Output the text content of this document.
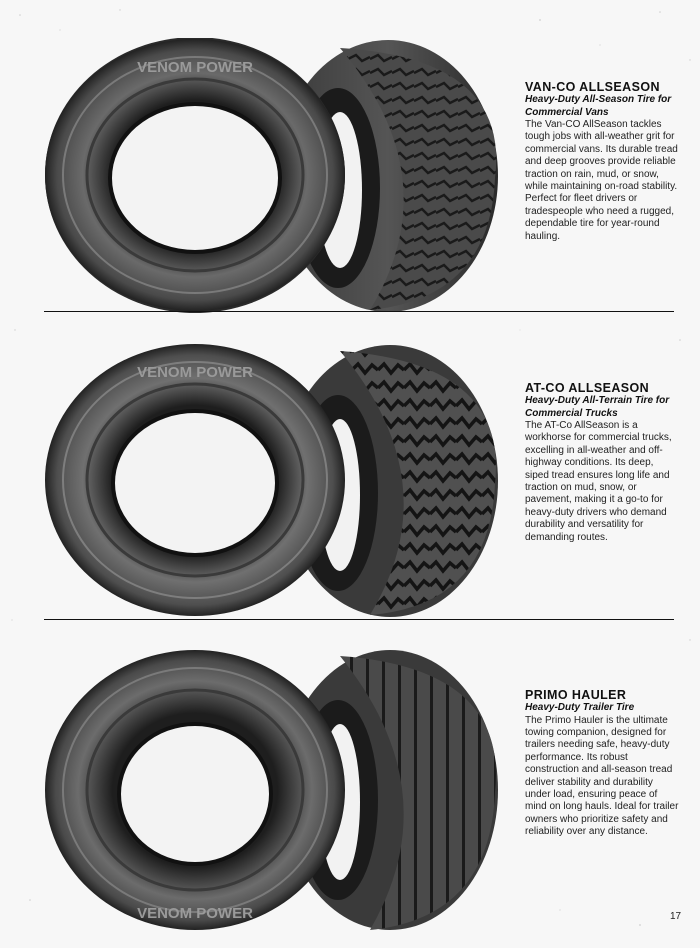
VENOM POWER
VAN-CO ALLSEASON
Heavy-Duty All-Season Tire for Commercial Vans
The Van-CO AllSeason tackles tough jobs with all-weather grit for commercial vans. Its durable tread and deep grooves provide reliable traction on rain, mud, or snow, while maintaining on-road stability. Perfect for fleet drivers or tradespeople who need a rugged, dependable tire for year-round hauling.
VENOM POWER
AT-CO ALLSEASON
Heavy-Duty All-Terrain Tire for Commercial Trucks
The AT-Co AllSeason is a workhorse for commercial trucks, excelling in all-weather and off-highway conditions. Its deep, siped tread ensures long life and traction on mud, snow, or pavement, making it a go-to for heavy-duty drivers who demand durability and versatility for demanding routes.
VENOM POWER
PRIMO HAULER
Heavy-Duty Trailer Tire
The Primo Hauler is the ultimate towing companion, designed for trailers needing safe, heavy-duty performance. Its robust construction and all-season tread deliver stability and durability under load, ensuring peace of mind on long hauls. Ideal for trailer owners who prioritize safety and reliability over any distance.
17
